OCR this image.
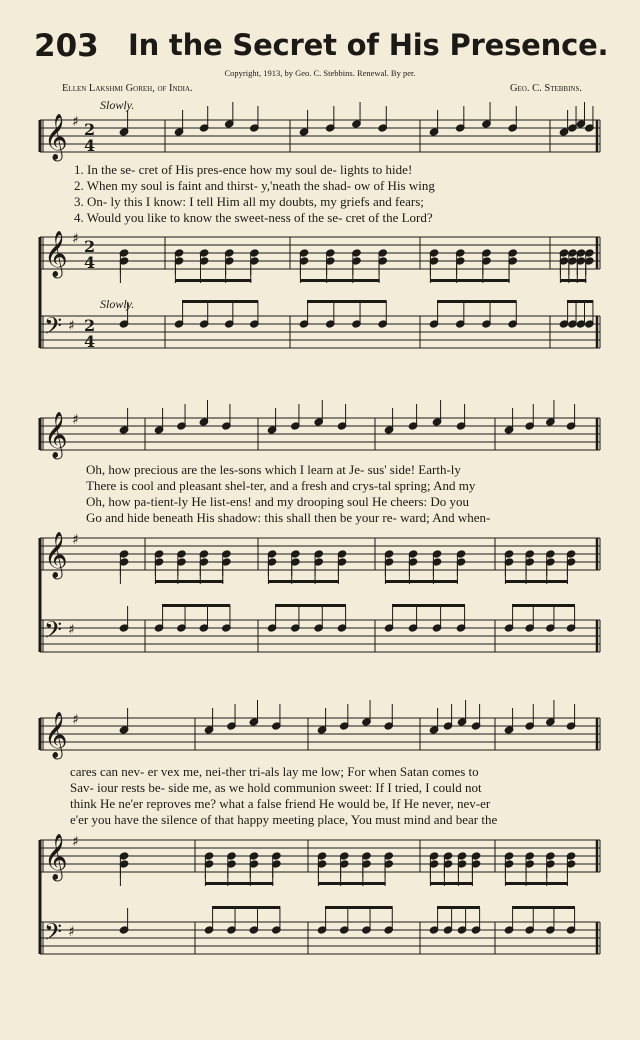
203 In the Secret of His Presence.
Copyright, 1913, by Geo. C. Stebbins. Renewal. By per.
Ellen Lakshmi Goreh, of India.	Geo. C. Stebbins.
Slowly.
Slowly.
𝄞 ♯ 2
4
𝄞 ♯ 2
4
𝄢 ♯ 2
4
𝄞 ♯
𝄞 ♯
𝄢 ♯
𝄞 ♯
𝄞 ♯
𝄢 ♯
1. In the se- cret of His pres-ence how my soul de- lights to hide!
2. When my soul is faint and thirst- y,'neath the shad- ow of His wing
3. On- ly this I know: I tell Him all my doubts, my griefs and fears;
4. Would you like to know the sweet-ness of the se- cret of the Lord?
Oh, how precious are the les-sons which I learn at Je- sus' side! Earth-ly
There is cool and pleasant shel-ter, and a fresh and crys-tal spring; And my
Oh, how pa-tient-ly He list-ens! and my drooping soul He cheers: Do you
Go and hide beneath His shadow: this shall then be your re- ward; And when-
cares can nev- er vex me, nei-ther tri-als lay me low; For when Satan comes to
Sav- iour rests be- side me, as we hold communion sweet: If I tried, I could not
think He ne'er reproves me? what a false friend He would be, If He never, nev-er
e'er you have the silence of that happy meeting place, You must mind and bear the
